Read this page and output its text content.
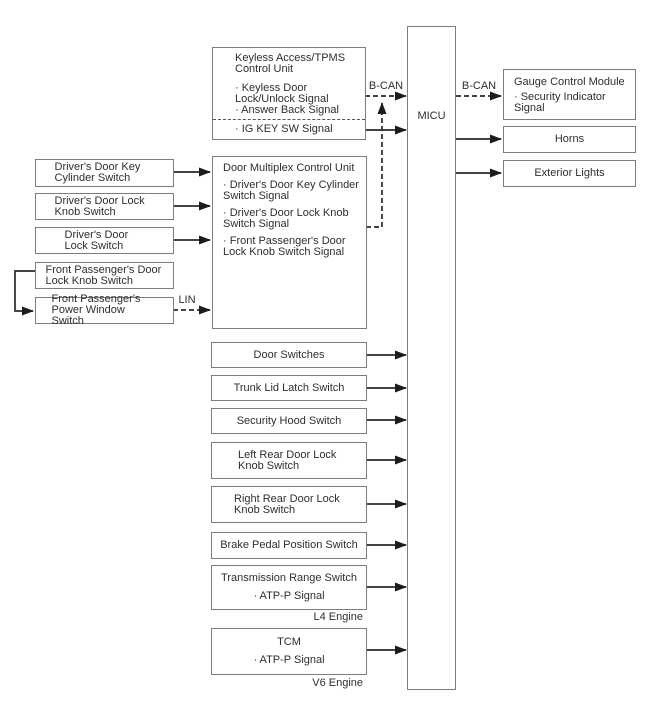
B-CAN	B-CAN
LIN
MICU
Keyless Access/TPMS Control Unit
· Keyless Door Lock/Unlock Signal
· Answer Back Signal
· IG KEY SW Signal
Door Multiplex Control Unit
· Driver's Door Key Cylinder Switch Signal
· Driver's Door Lock Knob Switch Signal
· Front Passenger's Door Lock Knob Switch Signal
Driver's Door Key Cylinder Switch
Driver's Door Lock Knob Switch
Driver's Door Lock Switch
Front Passenger's Door Lock Knob Switch
Front Passenger's Power Window Switch
Door Switches
Trunk Lid Latch Switch
Security Hood Switch
Left Rear Door Lock Knob Switch
Right Rear Door Lock Knob Switch
Brake Pedal Position Switch
Transmission Range Switch
· ATP-P Signal
L4 Engine
TCM
· ATP-P Signal
V6 Engine
Gauge Control Module
· Security Indicator Signal
Horns
Exterior Lights
